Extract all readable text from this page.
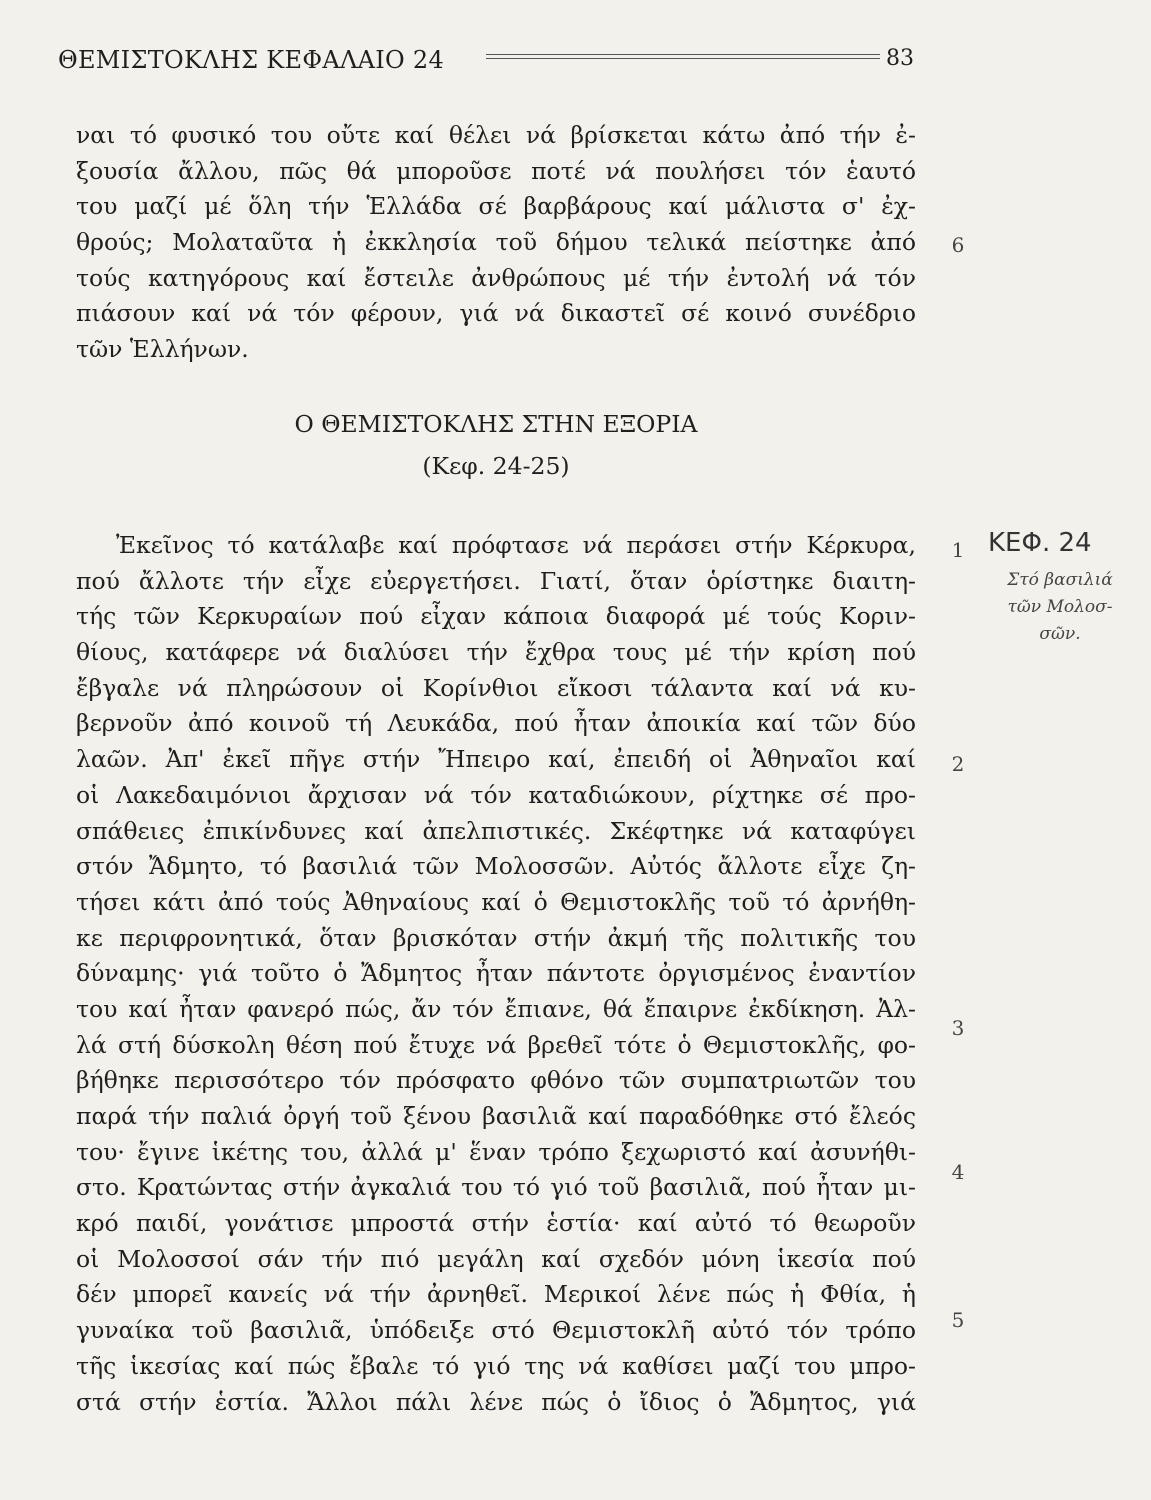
ΘΕΜΙΣΤΟΚΛΗΣ ΚΕΦΑΛΑΙΟ 24	83
ναι τό φυσικό του οὔτε καί θέλει νά βρίσκεται κάτω ἀπό τήν ἐ-
ξουσία ἄλλου, πῶς θά μποροῦσε ποτέ νά πουλήσει τόν ἑαυτό
του μαζί μέ ὅλη τήν Ἑλλάδα σέ βαρβάρους καί μάλιστα σ' ἐχ-
θρούς; Μολαταῦτα ἡ ἐκκλησία τοῦ δήμου τελικά πείστηκε ἀπό
τούς κατηγόρους καί ἔστειλε ἀνθρώπους μέ τήν ἐντολή νά τόν
πιάσουν καί νά τόν φέρουν, γιά νά δικαστεῖ σέ κοινό συνέδριο
τῶν Ἑλλήνων.
Ο ΘΕΜΙΣΤΟΚΛΗΣ ΣΤΗΝ ΕΞΟΡΙΑ
(Κεφ. 24-25)
Ἐκεῖνος τό κατάλαβε καί πρόφτασε νά περάσει στήν Κέρκυρα,
πού ἄλλοτε τήν εἶχε εὐεργετήσει. Γιατί, ὅταν ὁρίστηκε διαιτη-
τής τῶν Κερκυραίων πού εἶχαν κάποια διαφορά μέ τούς Κοριν-
θίους, κατάφερε νά διαλύσει τήν ἔχθρα τους μέ τήν κρίση πού
ἔβγαλε νά πληρώσουν οἱ Κορίνθιοι εἴκοσι τάλαντα καί νά κυ-
βερνοῦν ἀπό κοινοῦ τή Λευκάδα, πού ἦταν ἀποικία καί τῶν δύο
λαῶν. Ἀπ' ἐκεῖ πῆγε στήν Ἤπειρο καί, ἐπειδή οἱ Ἀθηναῖοι καί
οἱ Λακεδαιμόνιοι ἄρχισαν νά τόν καταδιώκουν, ρίχτηκε σέ προ-
σπάθειες ἐπικίνδυνες καί ἀπελπιστικές. Σκέφτηκε νά καταφύγει
στόν Ἄδμητο, τό βασιλιά τῶν Μολοσσῶν. Αὐτός ἄλλοτε εἶχε ζη-
τήσει κάτι ἀπό τούς Ἀθηναίους καί ὁ Θεμιστοκλῆς τοῦ τό ἀρνήθη-
κε περιφρονητικά, ὅταν βρισκόταν στήν ἀκμή τῆς πολιτικῆς του
δύναμης· γιά τοῦτο ὁ Ἄδμητος ἦταν πάντοτε ὀργισμένος ἐναντίον
του καί ἦταν φανερό πώς, ἄν τόν ἔπιανε, θά ἔπαιρνε ἐκδίκηση. Ἀλ-
λά στή δύσκολη θέση πού ἔτυχε νά βρεθεῖ τότε ὁ Θεμιστοκλῆς, φο-
βήθηκε περισσότερο τόν πρόσφατο φθόνο τῶν συμπατριωτῶν του
παρά τήν παλιά ὀργή τοῦ ξένου βασιλιᾶ καί παραδόθηκε στό ἔλεός
του· ἔγινε ἱκέτης του, ἀλλά μ' ἕναν τρόπο ξεχωριστό καί ἀσυνήθι-
στο. Κρατώντας στήν ἀγκαλιά του τό γιό τοῦ βασιλιᾶ, πού ἦταν μι-
κρό παιδί, γονάτισε μπροστά στήν ἑστία· καί αὐτό τό θεωροῦν
οἱ Μολοσσοί σάν τήν πιό μεγάλη καί σχεδόν μόνη ἱκεσία πού
δέν μπορεῖ κανείς νά τήν ἀρνηθεῖ. Μερικοί λένε πώς ἡ Φθία, ἡ
γυναίκα τοῦ βασιλιᾶ, ὑπόδειξε στό Θεμιστοκλῆ αὐτό τόν τρόπο
τῆς ἱκεσίας καί πώς ἔβαλε τό γιό της νά καθίσει μαζί του μπρο-
στά στήν ἑστία. Ἄλλοι πάλι λένε πώς ὁ ἴδιος ὁ Ἄδμητος, γιά
6
1
2
3
4
5
ΚΕΦ. 24
Στό βασιλιά
τῶν Μολοσ-
σῶν.
